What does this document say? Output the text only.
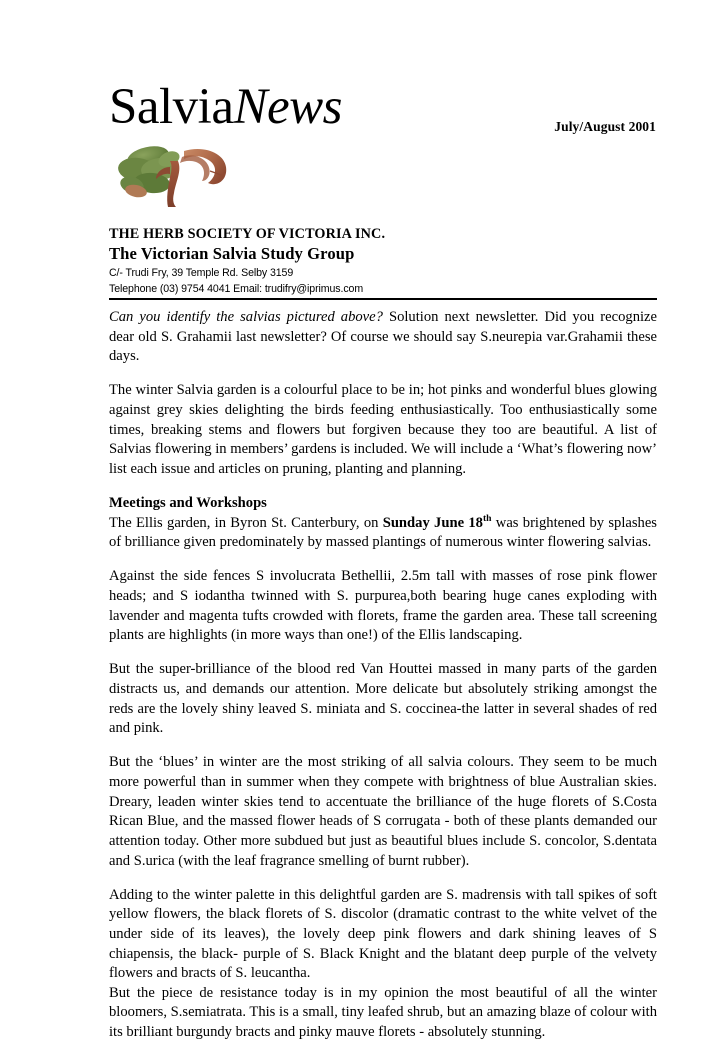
SalviaNews	July/August 2001
THE HERB SOCIETY OF VICTORIA INC.
The Victorian Salvia Study Group
C/- Trudi Fry, 39 Temple Rd. Selby 3159
Telephone (03) 9754 4041 Email: trudifry@iprimus.com

Can you identify the salvias pictured above? Solution next newsletter. Did you recognize dear old S. Grahamii last newsletter? Of course we should say S.neurepia var.Grahamii these days.

The winter Salvia garden is a colourful place to be in; hot pinks and wonderful blues glowing against grey skies delighting the birds feeding enthusiastically. Too enthusiastically some times, breaking stems and flowers but forgiven because they too are beautiful. A list of Salvias flowering in members’ gardens is included. We will include a ‘What’s flowering now’ list each issue and articles on pruning, planting and planning.

Meetings and Workshops

The Ellis garden, in Byron St. Canterbury, on Sunday June 18th was brightened by splashes of brilliance given predominately by massed plantings of numerous winter flowering salvias.

Against the side fences S involucrata Bethellii, 2.5m tall with masses of rose pink flower heads; and S iodantha twinned with S. purpurea,both bearing huge canes exploding with lavender and magenta tufts crowded with florets, frame the garden area. These tall screening plants are highlights (in more ways than one!) of the Ellis landscaping.

But the super-brilliance of the blood red Van Houttei massed in many parts of the garden distracts us, and demands our attention. More delicate but absolutely striking amongst the reds are the lovely shiny leaved S. miniata and S. coccinea-the latter in several shades of red and pink.

But the ‘blues’ in winter are the most striking of all salvia colours. They seem to be much more powerful than in summer when they compete with brightness of blue Australian skies. Dreary, leaden winter skies tend to accentuate the brilliance of the huge florets of S.Costa Rican Blue, and the massed flower heads of S corrugata - both of these plants demanded our attention today. Other more subdued but just as beautiful blues include S. concolor, S.dentata and S.urica (with the leaf fragrance smelling of burnt rubber).

Adding to the winter palette in this delightful garden are S. madrensis with tall spikes of soft yellow flowers, the black florets of S. discolor (dramatic contrast to the white velvet of the under side of its leaves), the lovely deep pink flowers and dark shining leaves of S chiapensis, the black- purple of S. Black Knight and the blatant deep purple of the velvety flowers and bracts of S. leucantha.

But the piece de resistance today is in my opinion the most beautiful of all the winter bloomers, S.semiatrata. This is a small, tiny leafed shrub, but an amazing blaze of colour with its brilliant burgundy bracts and pinky mauve florets - absolutely stunning.
